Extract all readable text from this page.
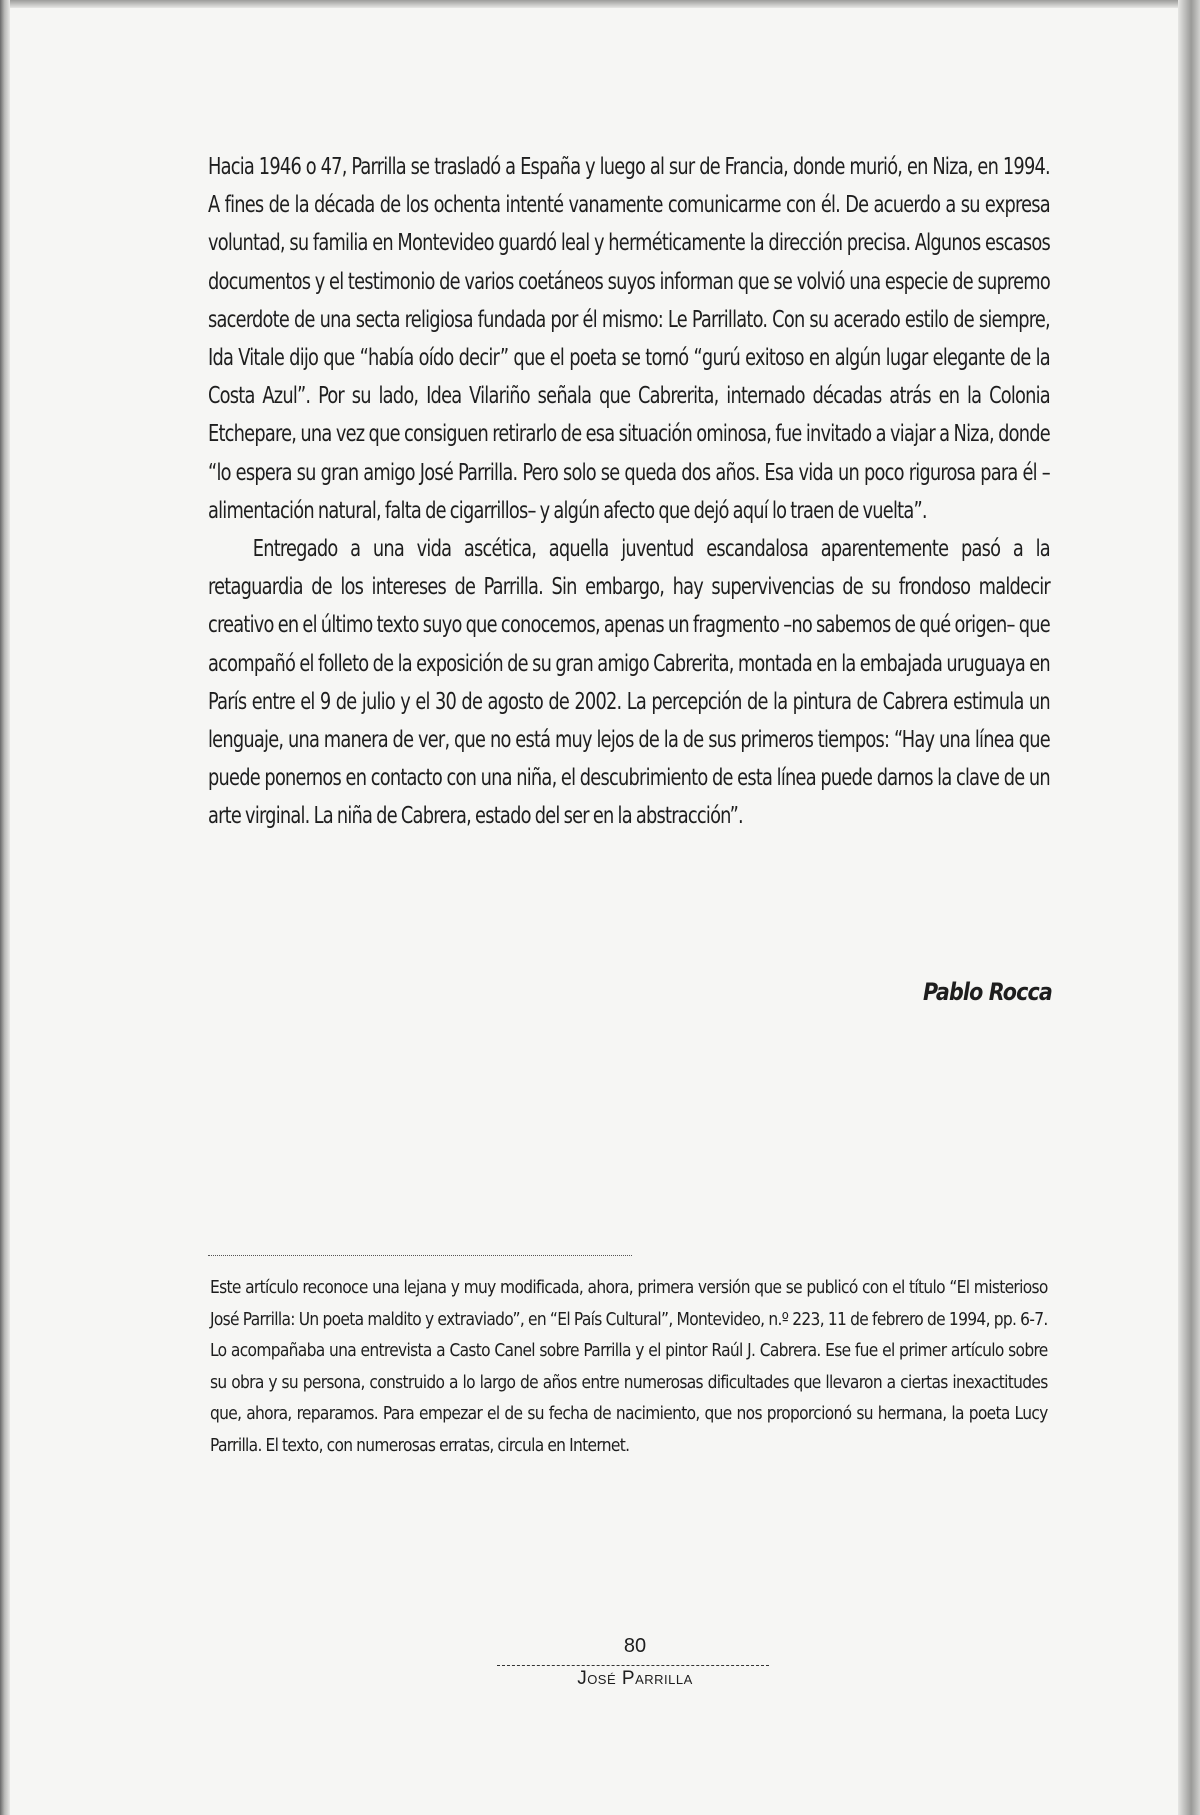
Hacia 1946 o 47, Parrilla se trasladó a España y luego al sur de Francia, donde murió, en Niza, en 1994. A fines de la década de los ochenta intenté vanamente comunicarme con él. De acuerdo a su expresa voluntad, su familia en Montevideo guardó leal y herméticamente la dirección precisa. Algunos escasos documentos y el testimonio de varios coetáneos suyos informan que se volvió una especie de supremo sacerdote de una secta religiosa fundada por él mismo: Le Parrillato. Con su acerado estilo de siempre, Ida Vitale dijo que “había oído decir” que el poeta se tornó “gurú exitoso en algún lugar elegante de la Costa Azul”. Por su lado, Idea Vilariño señala que Cabrerita, internado décadas atrás en la Colonia Etchepare, una vez que consiguen retirarlo de esa situación ominosa, fue invitado a viajar a Niza, donde “lo espera su gran amigo José Parrilla. Pero solo se queda dos años. Esa vida un poco rigurosa para él –alimentación natural, falta de cigarrillos– y algún afecto que dejó aquí lo traen de vuelta”.

Entregado a una vida ascética, aquella juventud escandalosa aparentemente pasó a la retaguardia de los intereses de Parrilla. Sin embargo, hay supervivencias de su frondoso maldecir creativo en el último texto suyo que conocemos, apenas un fragmento –no sabemos de qué origen– que acompañó el folleto de la exposición de su gran amigo Cabrerita, montada en la embajada uruguaya en París entre el 9 de julio y el 30 de agosto de 2002. La percepción de la pintura de Cabrera estimula un lenguaje, una manera de ver, que no está muy lejos de la de sus primeros tiempos: “Hay una línea que puede ponernos en contacto con una niña, el descubrimiento de esta línea puede darnos la clave de un arte virginal. La niña de Cabrera, estado del ser en la abstracción”.

Pablo Rocca
Este artículo reconoce una lejana y muy modificada, ahora, primera versión que se publicó con el título “El misterioso José Parrilla: Un poeta maldito y extraviado”, en “El País Cultural”, Montevideo, n.º 223, 11 de febrero de 1994, pp. 6-7. Lo acompañaba una entrevista a Casto Canel sobre Parrilla y el pintor Raúl J. Cabrera. Ese fue el primer artículo sobre su obra y su persona, construido a lo largo de años entre numerosas dificultades que llevaron a ciertas inexactitudes que, ahora, reparamos. Para empezar el de su fecha de nacimiento, que nos proporcionó su hermana, la poeta Lucy Parrilla. El texto, con numerosas erratas, circula en Internet.
80
José Parrilla
